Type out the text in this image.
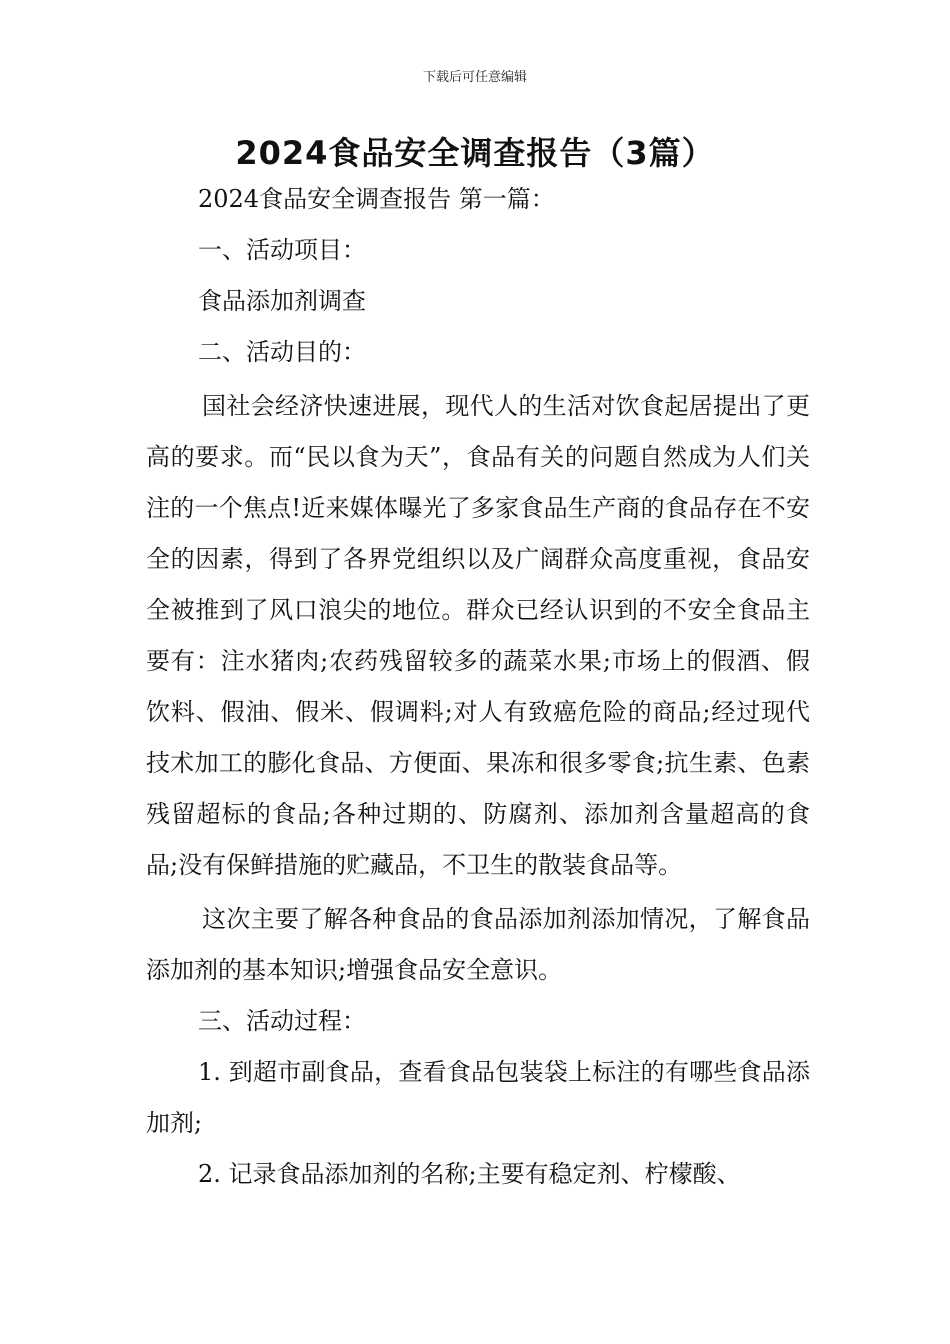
下载后可任意编辑
2024食品安全调查报告（3篇）

2024食品安全调查报告 第一篇：

一、活动项目：

食品添加剂调查

二、活动目的：

国社会经济快速进展，现代人的生活对饮食起居提出了更高的要求。而“民以食为天”，食品有关的问题自然成为人们关注的一个焦点!近来媒体曝光了多家食品生产商的食品存在不安全的因素，得到了各界党组织以及广阔群众高度重视，食品安全被推到了风口浪尖的地位。群众已经认识到的不安全食品主要有：注水猪肉;农药残留较多的蔬菜水果;市场上的假酒、假饮料、假油、假米、假调料;对人有致癌危险的商品;经过现代技术加工的膨化食品、方便面、果冻和很多零食;抗生素、色素残留超标的食品;各种过期的、防腐剂、添加剂含量超高的食品;没有保鲜措施的贮藏品，不卫生的散装食品等。

这次主要了解各种食品的食品添加剂添加情况，了解食品添加剂的基本知识;增强食品安全意识。

三、活动过程：

1. 到超市副食品，查看食品包装袋上标注的有哪些食品添加剂;

2. 记录食品添加剂的名称;主要有稳定剂、柠檬酸、
